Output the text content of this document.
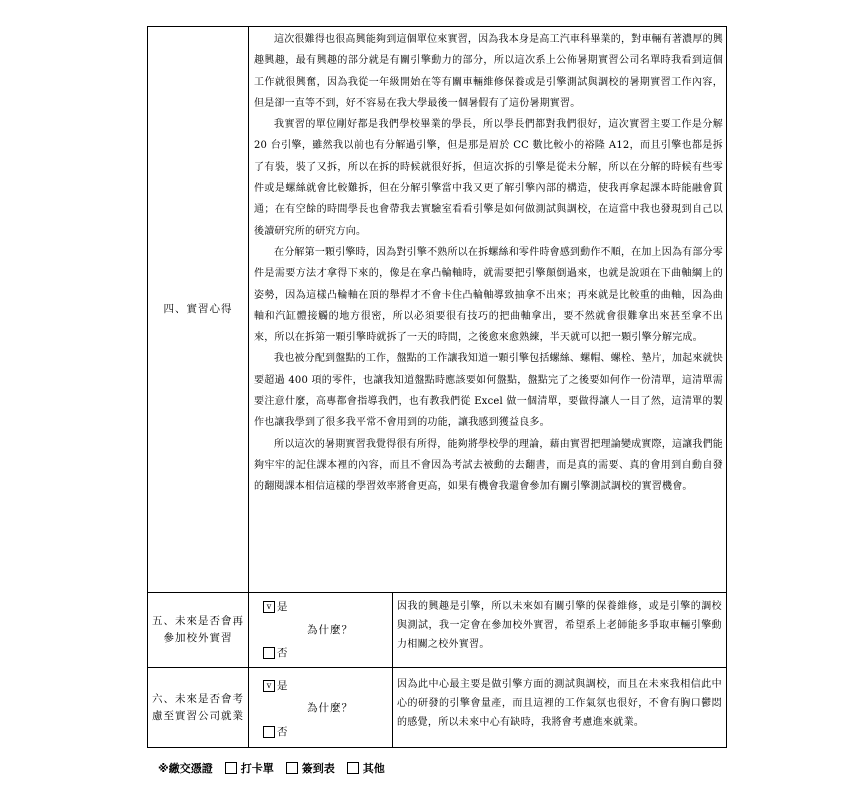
四、實習心得	這次很難得也很高興能夠到這個單位來實習，因為我本身是高工汽車科畢業的，對車輛有著濃厚的興趣興趣，最有興趣的部分就是有關引擎動力的部分，所以這次系上公佈暑期實習公司名單時我看到這個工作就很興奮，因為我從一年級開始在等有關車輛維修保養或是引擎測試與調校的暑期實習工作內容，但是卻一直等不到，好不容易在我大學最後一個暑假有了這份暑期實習。

我實習的單位剛好都是我們學校畢業的學長，所以學長們都對我們很好，這次實習主要工作是分解 20 台引擎，雖然我以前也有分解過引擎，但是那是眉於 CC 數比較小的裕隆 A12，而且引擎也都是拆了有裝，裝了又拆，所以在拆的時候就很好拆，但這次拆的引擎是從未分解，所以在分解的時候有些零件或是螺絲就會比較難拆，但在分解引擎當中我又更了解引擎內部的構造，使我再拿起課本時能融會貫通；在有空餘的時間學長也會帶我去實驗室看看引擎是如何做測試與調校，在這當中我也發現到自己以後讀研究所的研究方向。

在分解第一顆引擎時，因為對引擎不熟所以在拆螺絲和零件時會感到動作不順，在加上因為有部分零件是需要方法才拿得下來的，像是在拿凸輪軸時，就需要把引擎顛倒過來，也就是說頭在下曲軸綱上的姿勢，因為這樣凸輪軸在頂的舉桿才不會卡住凸輪軸導致抽拿不出來；再來就是比較重的曲軸，因為曲軸和汽缸體接觸的地方很密，所以必須要很有技巧的把曲軸拿出，要不然就會很難拿出來甚至拿不出來，所以在拆第一顆引擎時就拆了一天的時間，之後愈來愈熟練，半天就可以把一顆引擎分解完成。

我也被分配到盤點的工作，盤點的工作讓我知道一顆引擎包括螺絲、螺帽、螺栓、墊片，加起來就快要超過 400 項的零件，也讓我知道盤點時應該要如何盤點，盤點完了之後要如何作一份清單，這清單需要注意什麼，高專都會指導我們，也有教我們從 Excel 做一個清單，要做得讓人一目了然，這清單的製作也讓我學到了很多我平常不會用到的功能，讓我感到獲益良多。

所以這次的暑期實習我覺得很有所得，能夠將學校學的理論，藉由實習把理論變成實際，這讓我們能夠牢牢的記住課本裡的內容，而且不會因為考試去被動的去翻書，而是真的需要、真的會用到自動自發的翻閱課本相信這樣的學習效率將會更高，如果有機會我還會參加有關引擎測試調校的實習機會。	

五、未來是否會再參加校外實習	v 是
為什麼？
否	因我的興趣是引擎，所以未來如有關引擎的保養維修，或是引擎的調校與測試，我一定會在參加校外實習，希望系上老師能多爭取車輛引擎動力相關之校外實習。

六、未來是否會考慮至實習公司就業	v 是
為什麼？
否	因為此中心最主要是做引擎方面的測試與調校，而且在未來我相信此中心的研發的引擎會量產，而且這裡的工作氣氛也很好，不會有胸口鬱悶的感覺，所以未來中心有缺時，我將會考慮進來就業。
※繳交憑證	打卡單	簽到表	其他
